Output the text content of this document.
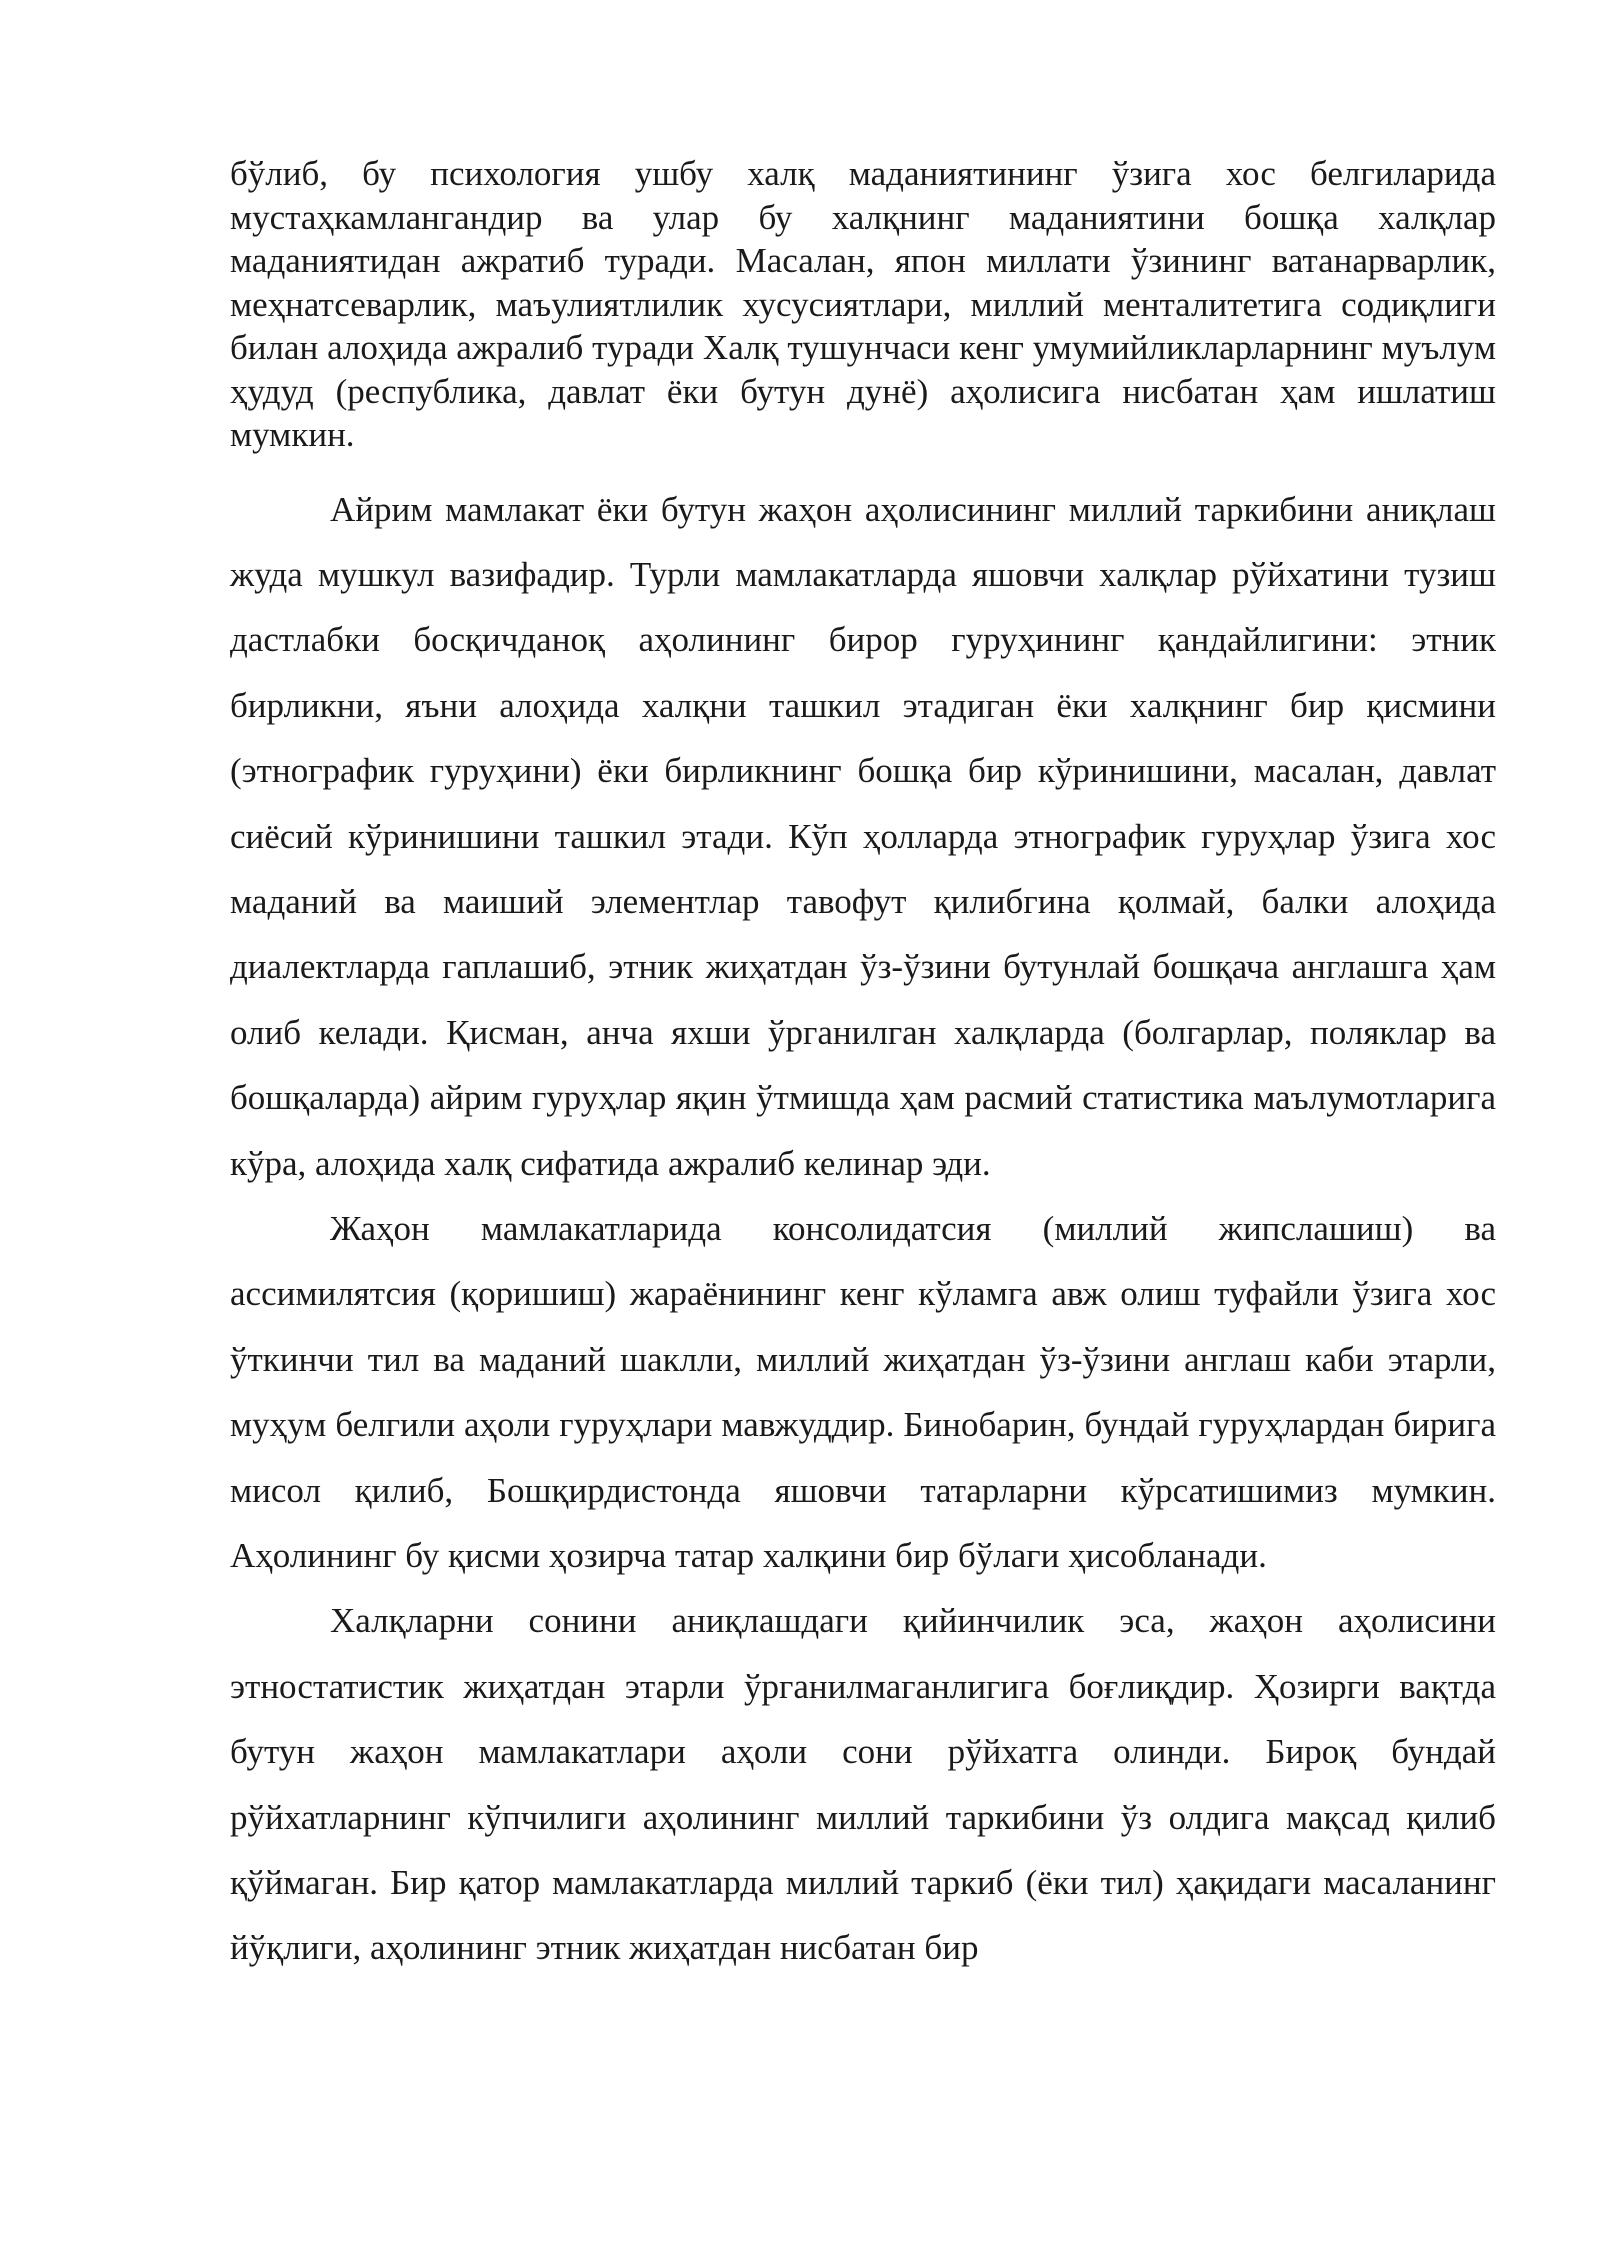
бўлиб, бу психология ушбу халқ маданиятининг ўзига хос белгиларида мустаҳкамлангандир ва улар бу халқнинг маданиятини бошқа халқлар маданиятидан ажратиб туради. Масалан, япон миллати ўзининг ватанарварлик, меҳнатсеварлик, маъулиятлилик хусусиятлари, миллий менталитетига содиқлиги билан алоҳида ажралиб туради Халқ тушунчаси кенг умумийликларларнинг муълум ҳудуд (республика, давлат ёки бутун дунё) аҳолисига нисбатан ҳам ишлатиш мумкин.

Айрим мамлакат ёки бутун жаҳон аҳолисининг миллий таркибини аниқлаш жуда мушкул вазифадир. Турли мамлакатларда яшовчи халқлар рўйхатини тузиш дастлабки босқичданоқ аҳолининг бирор гуруҳининг қандайлигини: этник бирликни, яъни алоҳида халқни ташкил этадиган ёки халқнинг бир қисмини (этнографик гуруҳини) ёки бирликнинг бошқа бир кўринишини, масалан, давлат сиёсий кўринишини ташкил этади. Кўп ҳолларда этнографик гуруҳлар ўзига хос маданий ва маиший элементлар тавофут қилибгина қолмай, балки алоҳида диалектларда гаплашиб, этник жиҳатдан ўз-ўзини бутунлай бошқача англашга ҳам олиб келади. Қисман, анча яхши ўрганилган халқларда (болгарлар, поляклар ва бошқаларда) айрим гуруҳлар яқин ўтмишда ҳам расмий статистика маълумотларига кўра, алоҳида халқ сифатида ажралиб келинар эди.

Жаҳон мамлакатларида консолидатсия (миллий жипслашиш) ва ассимилятсия (қоришиш) жараёнининг кенг кўламга авж олиш туфайли ўзига хос ўткинчи тил ва маданий шаклли, миллий жиҳатдан ўз-ўзини англаш каби этарли, муҳум белгили аҳоли гуруҳлари мавжуддир. Бинобарин, бундай гуруҳлардан бирига мисол қилиб, Бошқирдистонда яшовчи татарларни кўрсатишимиз мумкин. Аҳолининг бу қисми ҳозирча татар халқини бир бўлаги ҳисобланади.

Халқларни сонини аниқлашдаги қийинчилик эса, жаҳон аҳолисини этностатистик жиҳатдан этарли ўрганилмаганлигига боғлиқдир. Ҳозирги вақтда бутун жаҳон мамлакатлари аҳоли сони рўйхатга олинди. Бироқ бундай рўйхатларнинг кўпчилиги аҳолининг миллий таркибини ўз олдига мақсад қилиб қўймаган. Бир қатор мамлакатларда миллий таркиб (ёки тил) ҳақидаги масаланинг йўқлиги, аҳолининг этник жиҳатдан нисбатан бир
